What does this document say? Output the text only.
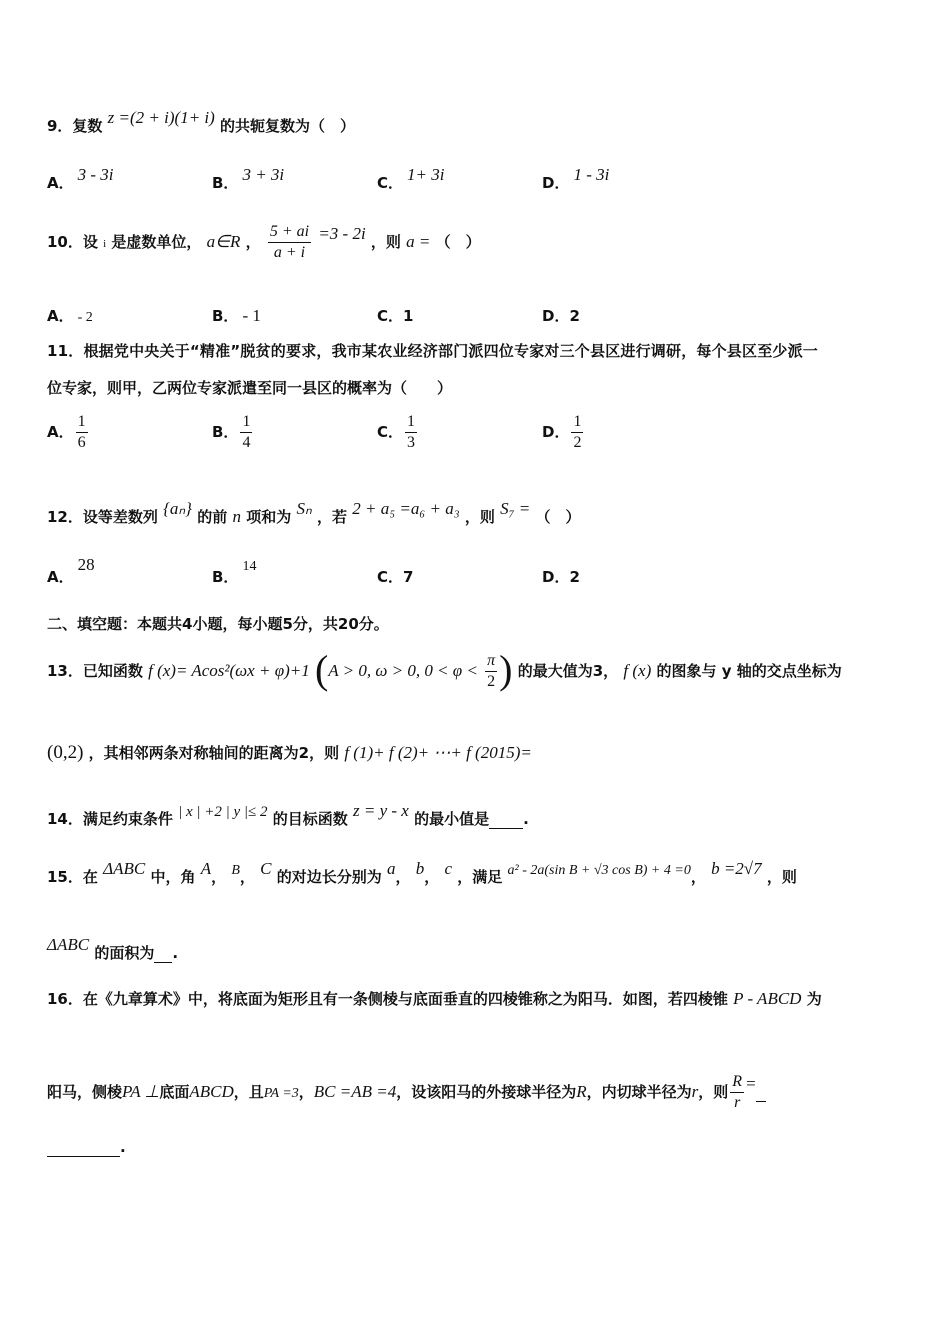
9．复数 z =(2 + i)(1+ i) 的共轭复数为（　）
A． 3 - 3i	B． 3 + 3i	C． 1+ 3i	D． 1 - 3i
10．设 i 是虚数单位， a∈R ， $\frac{5 + ai}{a + i} =3 - 2i$ ，则 a = （　）
A． - 2	B． - 1	C．1	D．2
11．根据党中央关于“精准”脱贫的要求，我市某农业经济部门派四位专家对三个县区进行调研，每个县区至少派一
位专家，则甲，乙两位专家派遣至同一县区的概率为（　　）
A． $\frac{1}{6}$	B． $\frac{1}{4}$	C． $\frac{1}{3}$	D． $\frac{1}{2}$
12．设等差数列 {aₙ} 的前 n 项和为 Sₙ ，若 2 + a₅ =a₆ + a₃ ，则 S₇ = （　）
A．28
B．14
C．7	D．2
二、填空题：本题共4小题，每小题5分，共20分。
13．已知函数 f (x)= Acos²(ωx + φ)+1 (A > 0, ω > 0, $0 < \varphi < \frac{\pi}{2}$ ) 的最大值为3， f (x) 的图象与 y 轴的交点坐标为
(0,2) ，其相邻两条对称轴间的距离为2，则 f (1)+ f (2)+ ⋯+ f (2015)=
14．满足约束条件 | x | +2 | y |≤ 2 的目标函数 z = y - x 的最小值是 .
15．在 ΔABC 中，角 A， B， C 的对边长分别为 a， b， c ，满足 a² - 2a(sin B + √3 cos B) + 4 =0， b =2√7 ，则
ΔABC 的面积为 .
16．在《九章算术》中，将底面为矩形且有一条侧棱与底面垂直的四棱锥称之为阳马．如图，若四棱锥 P - ABCD 为
阳马，侧棱PA ⊥底面ABCD，且PA =3，BC =AB =4，设该阳马的外接球半径为R，内切球半径为r，则 $\frac{R}{r}$ =
.
